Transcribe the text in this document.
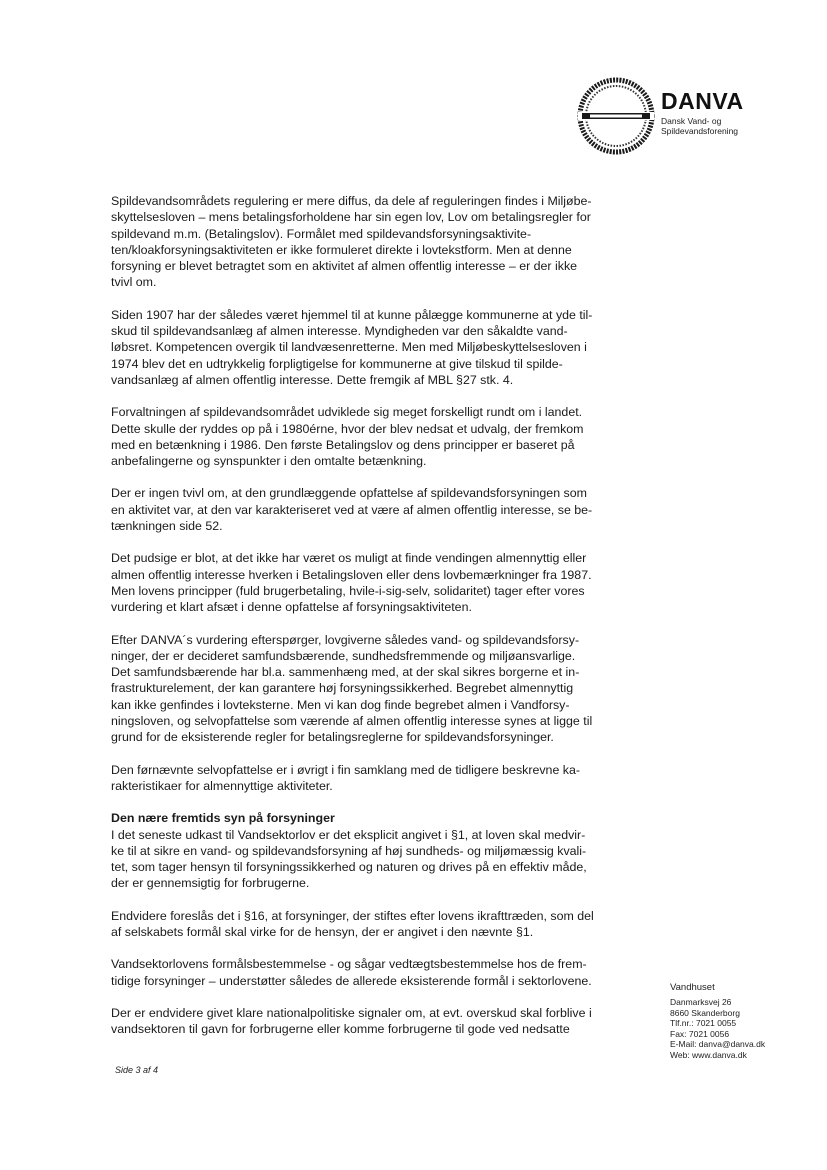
DANVA
Dansk Vand- og
Spildevandsforening

Spildevandsområdets regulering er mere diffus, da dele af reguleringen findes i Miljøbe-
skyttelsesloven – mens betalingsforholdene har sin egen lov, Lov om betalingsregler for
spildevand m.m. (Betalingslov). Formålet med spildevandsforsyningsaktivite-
ten/kloakforsyningsaktiviteten er ikke formuleret direkte i lovtekstform. Men at denne
forsyning er blevet betragtet som en aktivitet af almen offentlig interesse – er der ikke
tvivl om.

Siden 1907 har der således været hjemmel til at kunne pålægge kommunerne at yde til-
skud til spildevandsanlæg af almen interesse. Myndigheden var den såkaldte vand-
løbsret. Kompetencen overgik til landvæsenretterne. Men med Miljøbeskyttelsesloven i
1974 blev det en udtrykkelig forpligtigelse for kommunerne at give tilskud til spilde-
vandsanlæg af almen offentlig interesse. Dette fremgik af MBL §27 stk. 4.

Forvaltningen af spildevandsområdet udviklede sig meget forskelligt rundt om i landet.
Dette skulle der ryddes op på i 1980érne, hvor der blev nedsat et udvalg, der fremkom
med en betænkning i 1986. Den første Betalingslov og dens principper er baseret på
anbefalingerne og synspunkter i den omtalte betænkning.

Der er ingen tvivl om, at den grundlæggende opfattelse af spildevandsforsyningen som
en aktivitet var, at den var karakteriseret ved at være af almen offentlig interesse, se be-
tænkningen side 52.

Det pudsige er blot, at det ikke har været os muligt at finde vendingen almennyttig eller
almen offentlig interesse hverken i Betalingsloven eller dens lovbemærkninger fra 1987.
Men lovens principper (fuld brugerbetaling, hvile-i-sig-selv, solidaritet) tager efter vores
vurdering et klart afsæt i denne opfattelse af forsyningsaktiviteten.

Efter DANVA´s vurdering efterspørger, lovgiverne således vand- og spildevandsforsy-
ninger, der er decideret samfundsbærende, sundhedsfremmende og miljøansvarlige.
Det samfundsbærende har bl.a. sammenhæng med, at der skal sikres borgerne et in-
frastrukturelement, der kan garantere høj forsyningssikkerhed. Begrebet almennyttig
kan ikke genfindes i lovteksterne. Men vi kan dog finde begrebet almen i Vandforsy-
ningsloven, og selvopfattelse som værende af almen offentlig interesse synes at ligge til
grund for de eksisterende regler for betalingsreglerne for spildevandsforsyninger.

Den førnævnte selvopfattelse er i øvrigt i fin samklang med de tidligere beskrevne ka-
rakteristikaer for almennyttige aktiviteter.

Den nære fremtids syn på forsyninger

I det seneste udkast til Vandsektorlov er det eksplicit angivet i §1, at loven skal medvir-
ke til at sikre en vand- og spildevandsforsyning af høj sundheds- og miljømæssig kvali-
tet, som tager hensyn til forsyningssikkerhed og naturen og drives på en effektiv måde,
der er gennemsigtig for forbrugerne.

Endvidere foreslås det i §16, at forsyninger, der stiftes efter lovens ikrafttræden, som del
af selskabets formål skal virke for de hensyn, der er angivet i den nævnte §1.

Vandsektorlovens formålsbestemmelse - og sågar vedtægtsbestemmelse hos de frem-
tidige forsyninger – understøtter således de allerede eksisterende formål i sektorlovene.

Der er endvidere givet klare nationalpolitiske signaler om, at evt. overskud skal forblive i
vandsektoren til gavn for forbrugerne eller komme forbrugerne til gode ved nedsatte

Vandhuset
Danmarksvej 26
8660 Skanderborg
Tlf.nr.: 7021 0055
Fax: 7021 0056
E-Mail: danva@danva.dk
Web: www.danva.dk
Side 3 af 4
